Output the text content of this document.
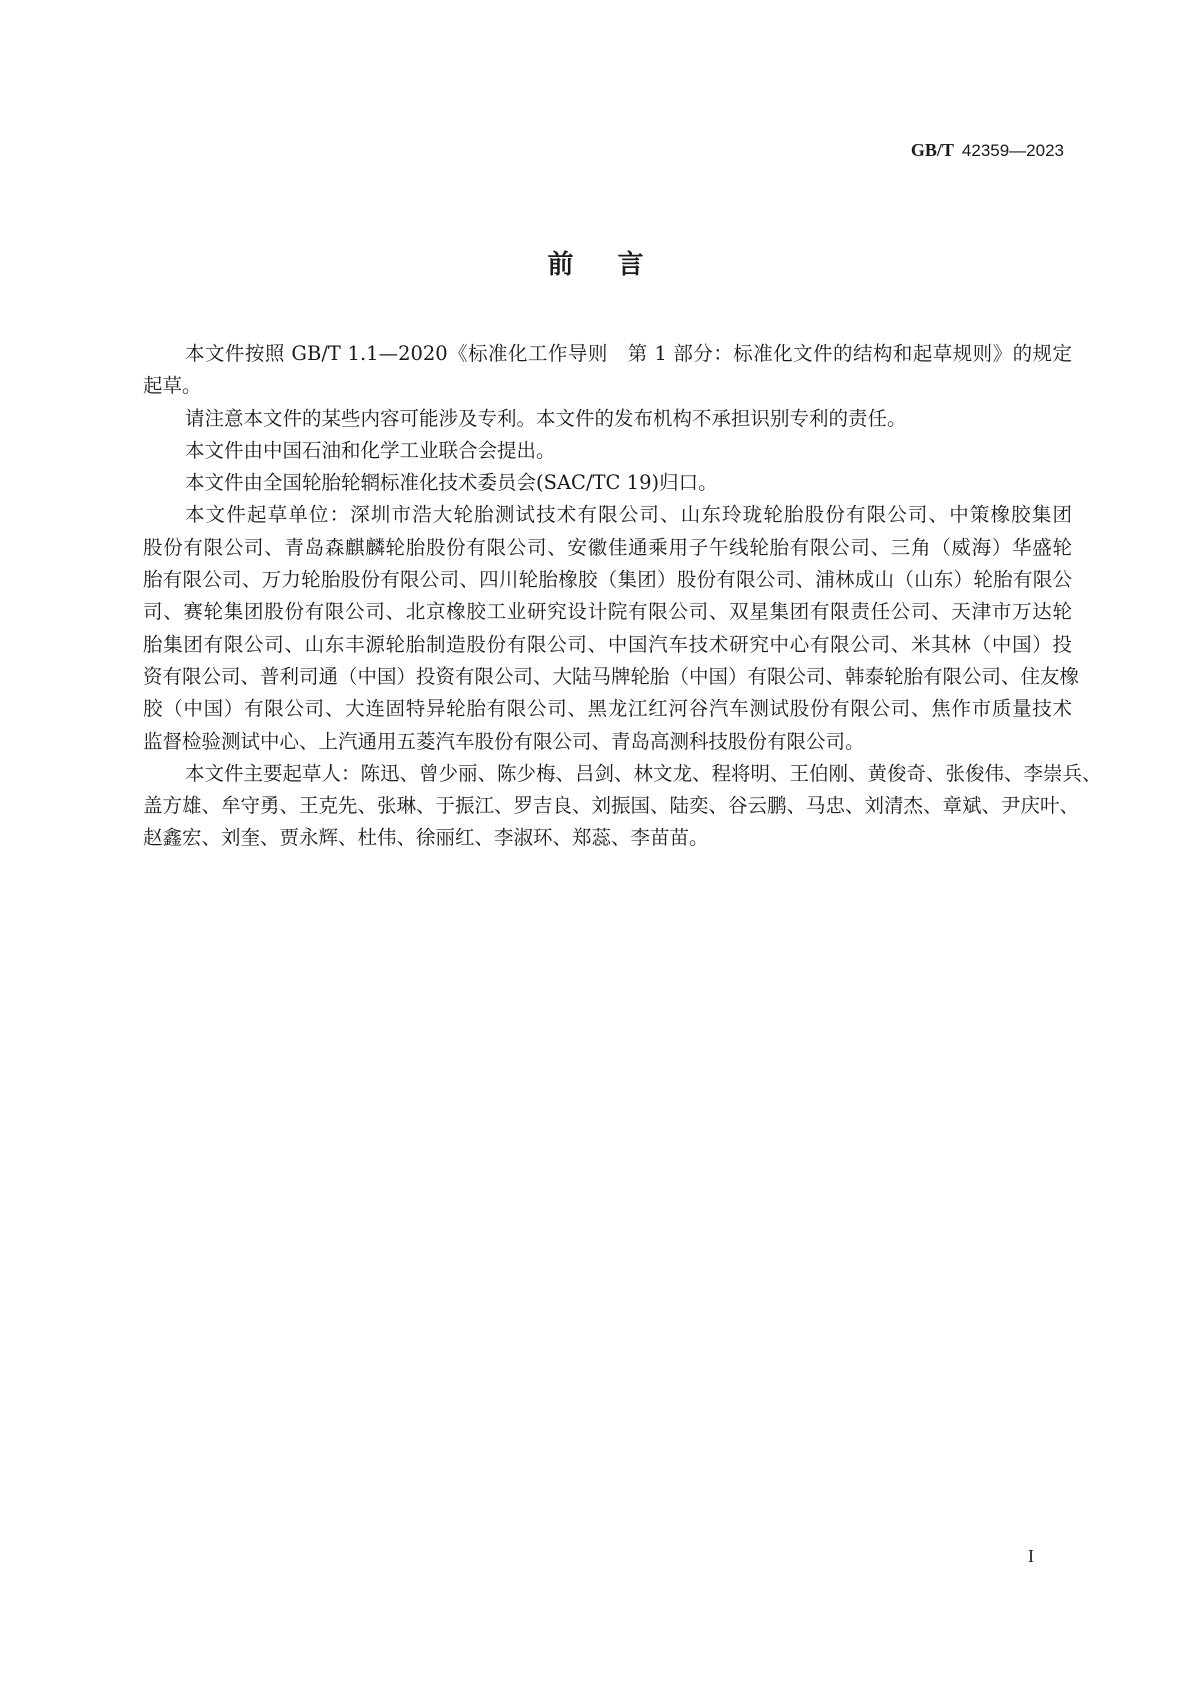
GB/T 42359—2023
前言
本文件按照 GB/T 1.1—2020《标准化工作导则　第 1 部分：标准化文件的结构和起草规则》的规定
起草。
请注意本文件的某些内容可能涉及专利。本文件的发布机构不承担识别专利的责任。
本文件由中国石油和化学工业联合会提出。
本文件由全国轮胎轮辋标准化技术委员会(SAC/TC 19)归口。
本文件起草单位：深圳市浩大轮胎测试技术有限公司、山东玲珑轮胎股份有限公司、中策橡胶集团
股份有限公司、青岛森麒麟轮胎股份有限公司、安徽佳通乘用子午线轮胎有限公司、三角（威海）华盛轮
胎有限公司、万力轮胎股份有限公司、四川轮胎橡胶（集团）股份有限公司、浦林成山（山东）轮胎有限公
司、赛轮集团股份有限公司、北京橡胶工业研究设计院有限公司、双星集团有限责任公司、天津市万达轮
胎集团有限公司、山东丰源轮胎制造股份有限公司、中国汽车技术研究中心有限公司、米其林（中国）投
资有限公司、普利司通（中国）投资有限公司、大陆马牌轮胎（中国）有限公司、韩泰轮胎有限公司、住友橡
胶（中国）有限公司、大连固特异轮胎有限公司、黑龙江红河谷汽车测试股份有限公司、焦作市质量技术
监督检验测试中心、上汽通用五菱汽车股份有限公司、青岛高测科技股份有限公司。
本文件主要起草人：陈迅、曾少丽、陈少梅、吕剑、林文龙、程将明、王伯刚、黄俊奇、张俊伟、李崇兵、
盖方雄、牟守勇、王克先、张琳、于振江、罗吉良、刘振国、陆奕、谷云鹏、马忠、刘清杰、章斌、尹庆叶、
赵鑫宏、刘奎、贾永辉、杜伟、徐丽红、李淑环、郑蕊、李苗苗。
I
